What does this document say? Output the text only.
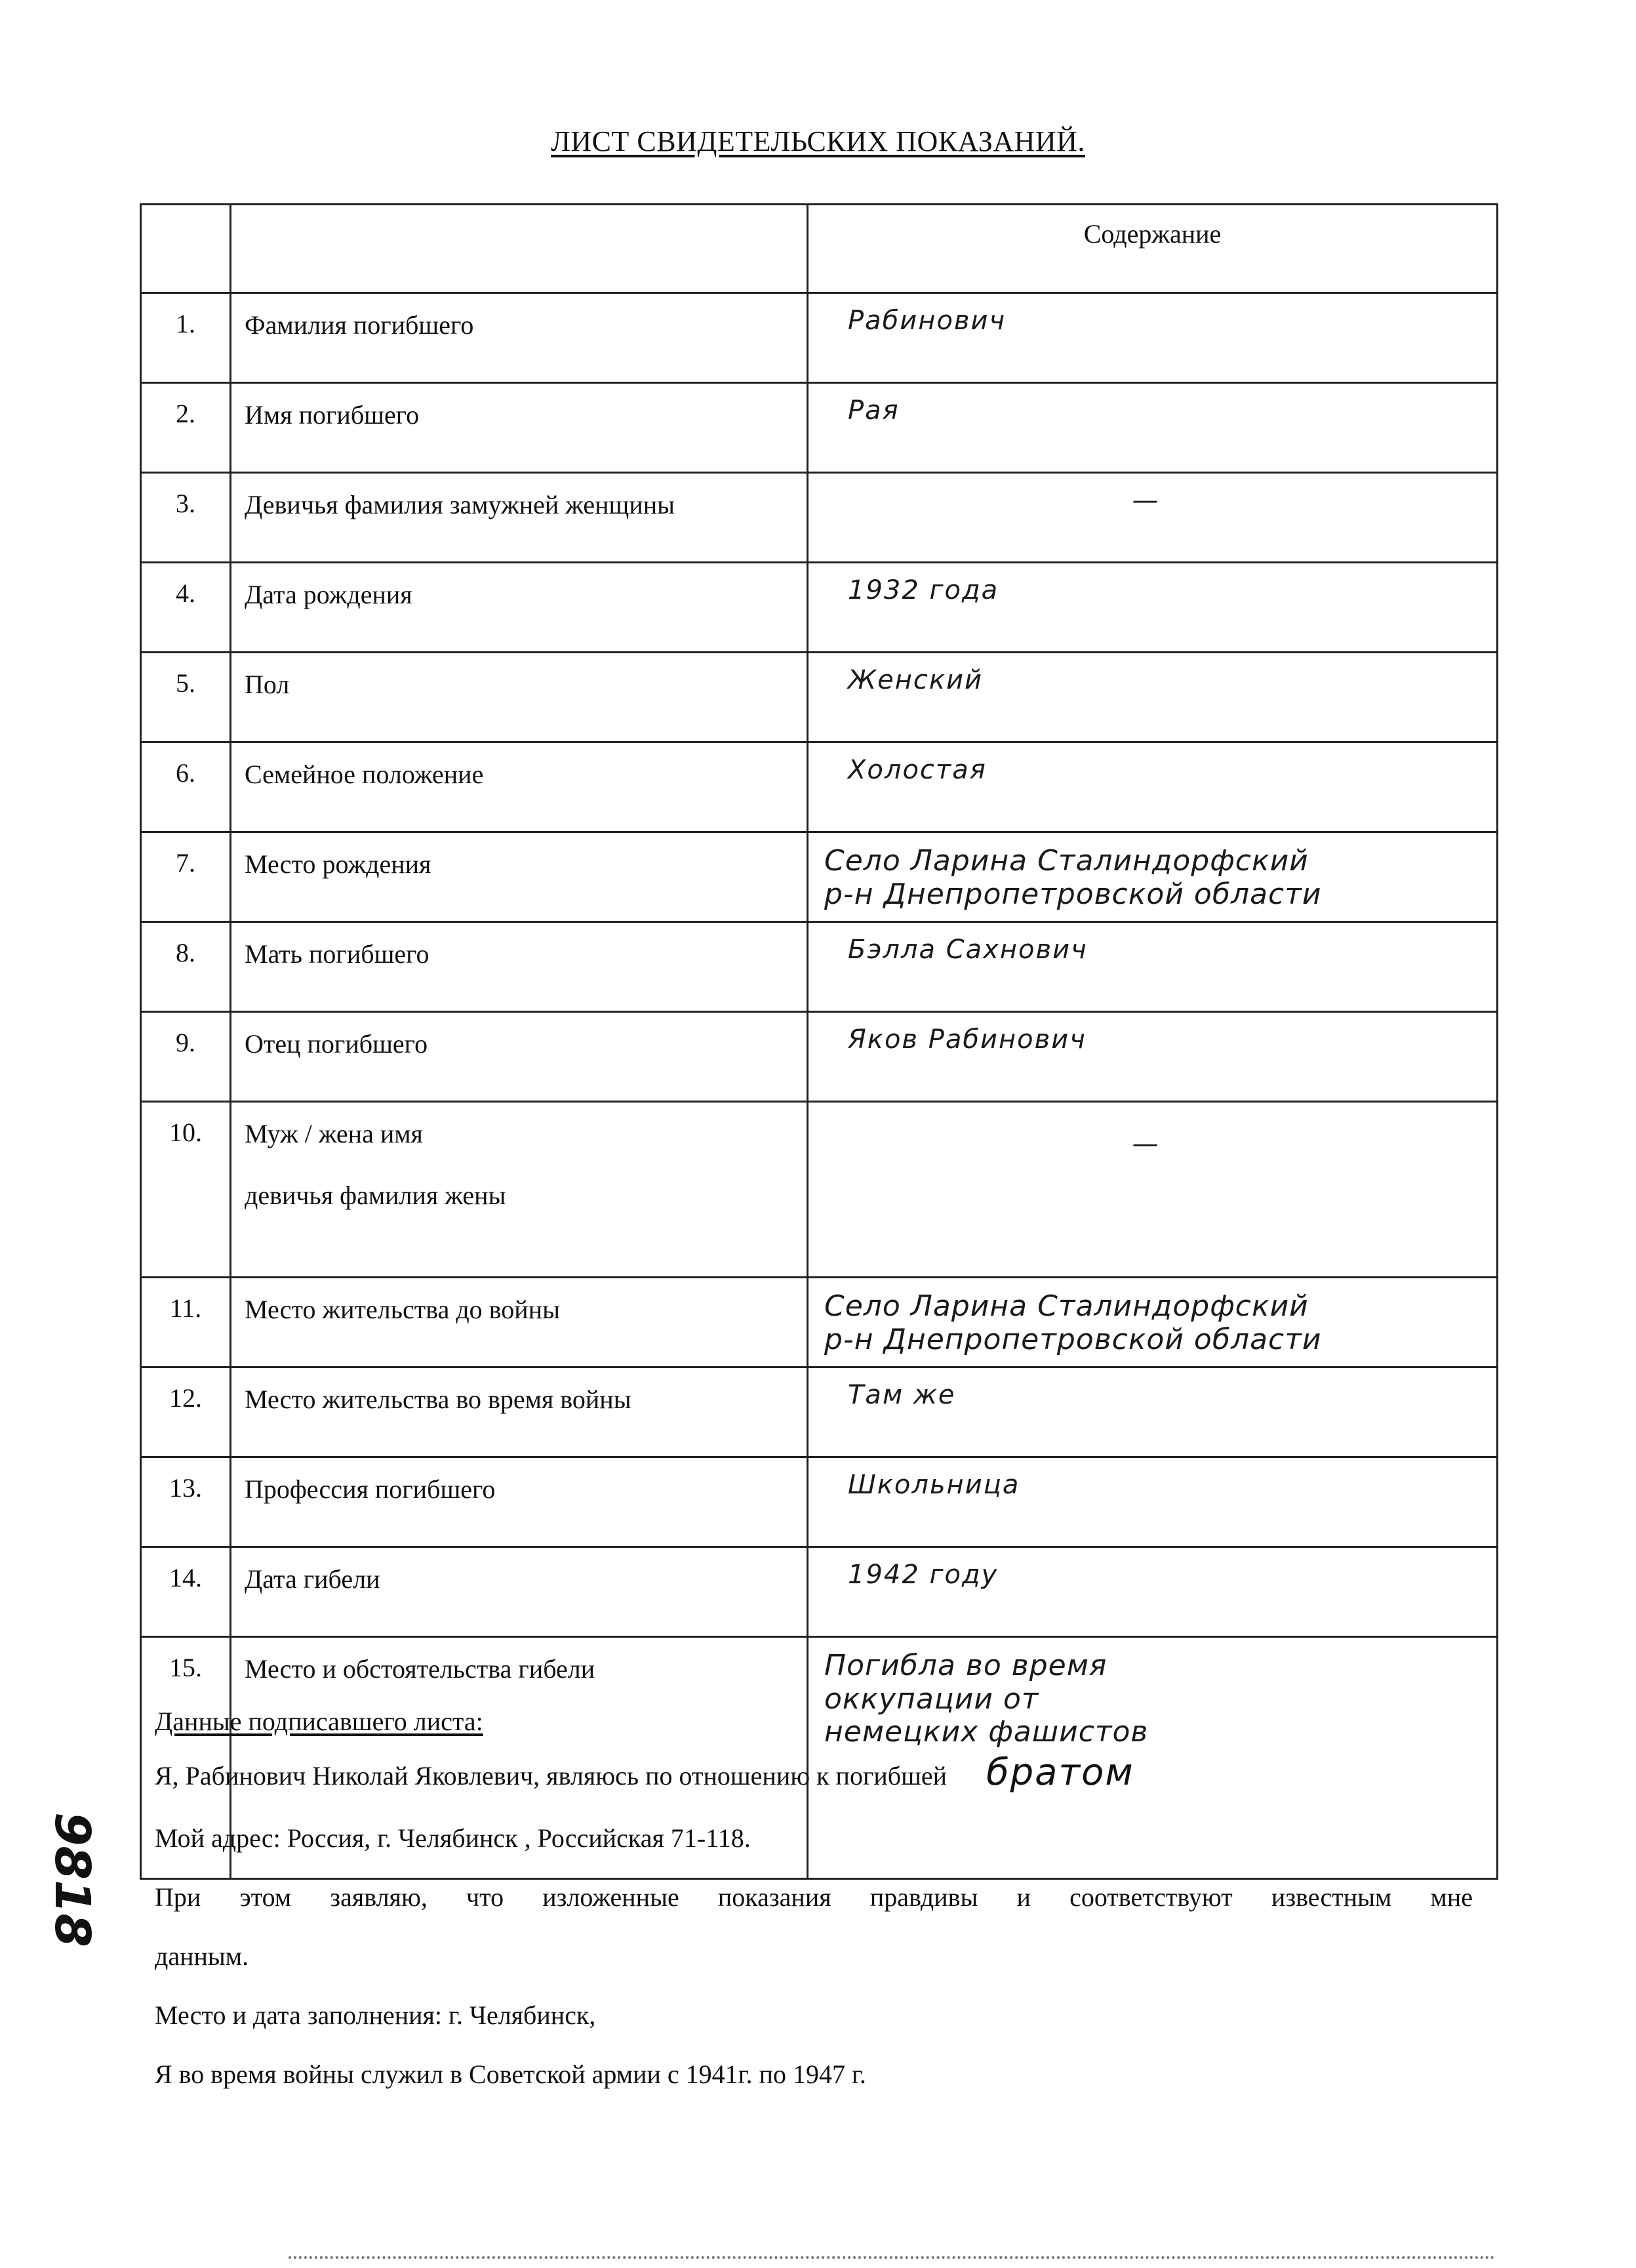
ЛИСТ СВИДЕТЕЛЬСКИХ ПОКАЗАНИЙ.
		Содержание
1.	Фамилия погибшего	Рабинович
2.	Имя погибшего	Рая
3.	Девичья фамилия замужней женщины	—
4.	Дата рождения	1932 года
5.	Пол	Женский
6.	Семейное положение	Холостая
7.	Место рождения	Село Ларина Сталиндорфский
р-н Днепропетровской области

8.	Мать погибшего	Бэлла Сахнович
9.	Отец погибшего	Яков Рабинович
10.	Муж / жена имя
девичья фамилия жены	—
11.	Место жительства до войны	Село Ларина Сталиндорфский
р-н Днепропетровской области

12.	Место жительства во время войны	Там же
13.	Профессия погибшего	Школьница
14.	Дата гибели	1942 году
15.	Место и обстоятельства гибели	Погибла во время
оккупации от
немецких фашистов

Данные подписавшего листа:

Я, Рабинович Николай Яковлевич, являюсь по отношению к погибшей братом

Мой адрес: Россия, г. Челябинск , Российская 71-118.

При этом заявляю, что изложенные показания правдивы и соответствуют известным мне

данным.

Место и дата заполнения: г. Челябинск,

Я во время войны служил в Советской армии с 1941г. по 1947 г.

9818
